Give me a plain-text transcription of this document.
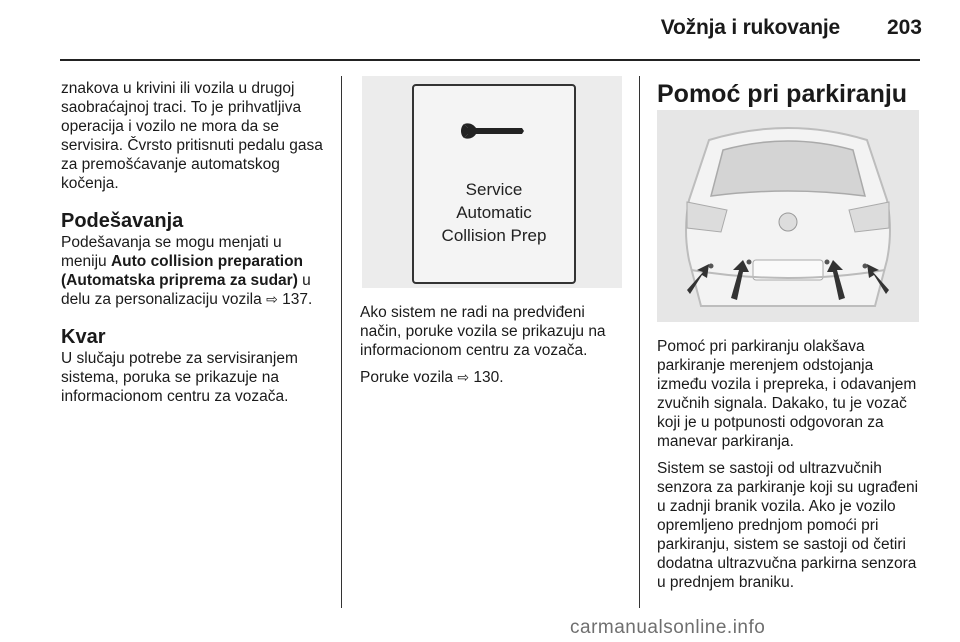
Vožnja i rukovanje	203

znakova u krivini ili vozila u drugoj saobraćajnoj traci. To je prihvatljiva operacija i vozilo ne mora da se servisira. Čvrsto pritisnuti pedalu gasa za premošćavanje automatskog kočenja.

Podešavanja

Podešavanja se mogu menjati u meniju Auto collision preparation (Automatska priprema za sudar) u delu za personalizaciju vozila ⇨ 137.

Kvar

U slučaju potrebe za servisiranjem sistema, poruka se prikazuje na informacionom centru za vozača.

Service
Automatic
Collision Prep

Ako sistem ne radi na predviđeni način, poruke vozila se prikazuju na informacionom centru za vozača.

Poruke vozila ⇨ 130.

Pomoć pri parkiranju

Pomoć pri parkiranju olakšava parkiranje merenjem odstojanja između vozila i prepreka, i odavanjem zvučnih signala. Dakako, tu je vozač koji je u potpunosti odgovoran za manevar parkiranja.

Sistem se sastoji od ultrazvučnih senzora za parkiranje koji su ugrađeni u zadnji branik vozila. Ako je vozilo opremljeno prednjom pomoći pri parkiranju, sistem se sastoji od četiri dodatna ultrazvučna parkirna senzora u prednjem braniku.

carmanualsonline.info
